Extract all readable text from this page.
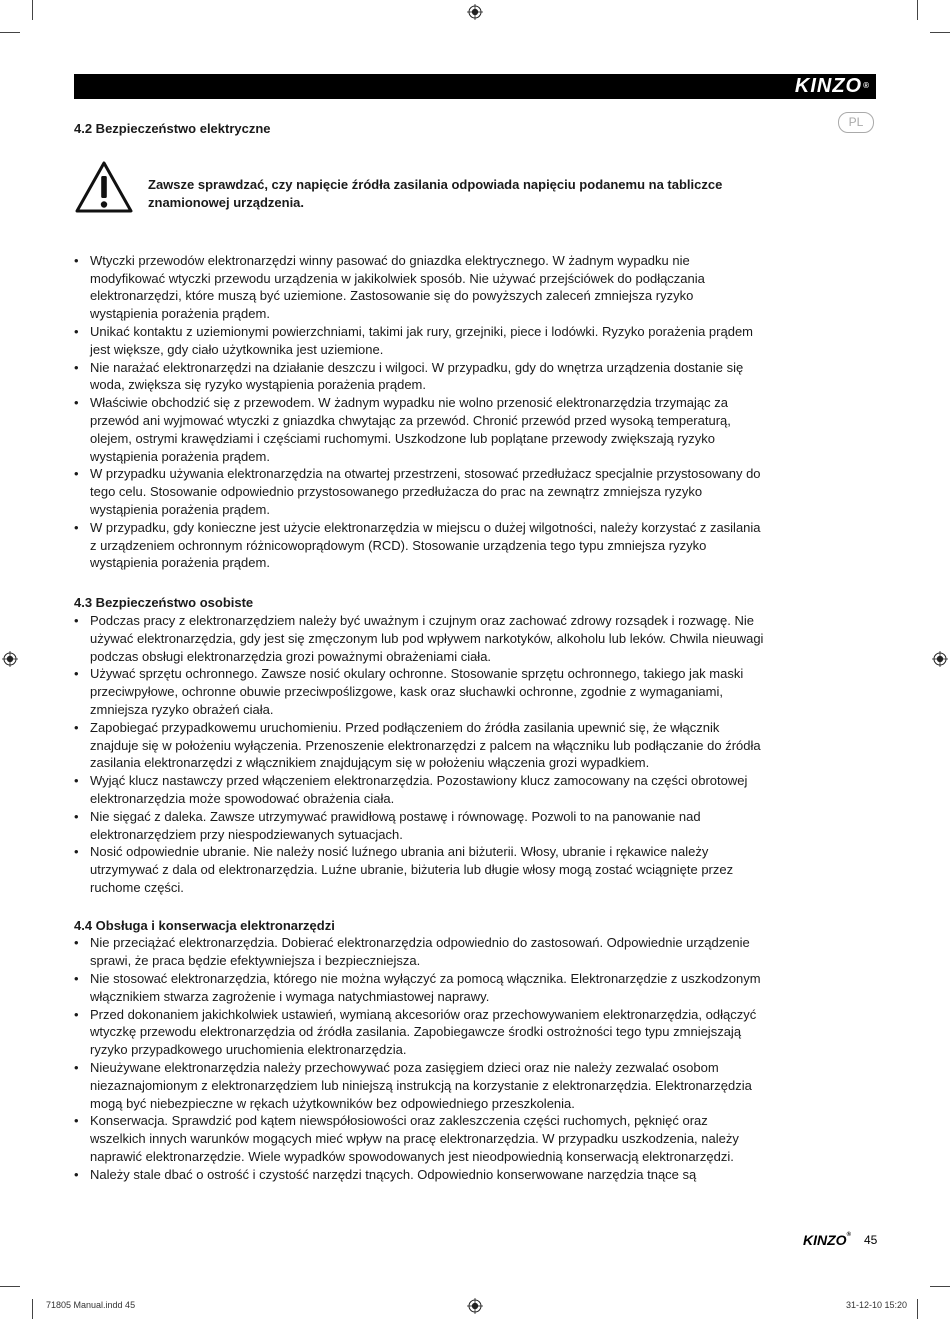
KINZO®
PL
4.2 Bezpieczeństwo elektryczne

Zawsze sprawdzać, czy napięcie źródła zasilania odpowiada napięciu podanemu na tabliczce znamionowej urządzenia.

• Wtyczki przewodów elektronarzędzi winny pasować do gniazdka elektrycznego. W żadnym wypadku nie modyfikować wtyczki przewodu urządzenia w jakikolwiek sposób. Nie używać przejściówek do podłączania elektronarzędzi, które muszą być uziemione. Zastosowanie się do powyższych zaleceń zmniejsza ryzyko wystąpienia porażenia prądem.
• Unikać kontaktu z uziemionymi powierzchniami, takimi jak rury, grzejniki, piece i lodówki. Ryzyko porażenia prądem jest większe, gdy ciało użytkownika jest uziemione.
• Nie narażać elektronarzędzi na działanie deszczu i wilgoci. W przypadku, gdy do wnętrza urządzenia dostanie się woda, zwiększa się ryzyko wystąpienia porażenia prądem.
• Właściwie obchodzić się z przewodem. W żadnym wypadku nie wolno przenosić elektronarzędzia trzymając za przewód ani wyjmować wtyczki z gniazdka chwytając za przewód. Chronić przewód przed wysoką temperaturą, olejem, ostrymi krawędziami i częściami ruchomymi. Uszkodzone lub poplątane przewody zwiększają ryzyko wystąpienia porażenia prądem.
• W przypadku używania elektronarzędzia na otwartej przestrzeni, stosować przedłużacz specjalnie przystosowany do tego celu. Stosowanie odpowiednio przystosowanego przedłużacza do prac na zewnątrz zmniejsza ryzyko wystąpienia porażenia prądem.
• W przypadku, gdy konieczne jest użycie elektronarzędzia w miejscu o dużej wilgotności, należy korzystać z zasilania z urządzeniem ochronnym różnicowoprądowym (RCD). Stosowanie urządzenia tego typu zmniejsza ryzyko wystąpienia porażenia prądem.
4.3 Bezpieczeństwo osobiste
• Podczas pracy z elektronarzędziem należy być uważnym i czujnym oraz zachować zdrowy rozsądek i rozwagę. Nie używać elektronarzędzia, gdy jest się zmęczonym lub pod wpływem narkotyków, alkoholu lub leków. Chwila nieuwagi podczas obsługi elektronarzędzia grozi poważnymi obrażeniami ciała.
• Używać sprzętu ochronnego. Zawsze nosić okulary ochronne. Stosowanie sprzętu ochronnego, takiego jak maski przeciwpyłowe, ochronne obuwie przeciwpoślizgowe, kask oraz słuchawki ochronne, zgodnie z wymaganiami, zmniejsza ryzyko obrażeń ciała.
• Zapobiegać przypadkowemu uruchomieniu. Przed podłączeniem do źródła zasilania upewnić się, że włącznik znajduje się w położeniu wyłączenia. Przenoszenie elektronarzędzi z palcem na włączniku lub podłączanie do źródła zasilania elektronarzędzi z włącznikiem znajdującym się w położeniu włączenia grozi wypadkiem.
• Wyjąć klucz nastawczy przed włączeniem elektronarzędzia. Pozostawiony klucz zamocowany na części obrotowej elektronarzędzia może spowodować obrażenia ciała.
• Nie sięgać z daleka. Zawsze utrzymywać prawidłową postawę i równowagę. Pozwoli to na panowanie nad elektronarzędziem przy niespodziewanych sytuacjach.
• Nosić odpowiednie ubranie. Nie należy nosić luźnego ubrania ani biżuterii. Włosy, ubranie i rękawice należy utrzymywać z dala od elektronarzędzia. Luźne ubranie, biżuteria lub długie włosy mogą zostać wciągnięte przez ruchome części.
4.4 Obsługa i konserwacja elektronarzędzi
• Nie przeciążać elektronarzędzia. Dobierać elektronarzędzia odpowiednio do zastosowań. Odpowiednie urządzenie sprawi, że praca będzie efektywniejsza i bezpieczniejsza.
• Nie stosować elektronarzędzia, którego nie można wyłączyć za pomocą włącznika. Elektronarzędzie z uszkodzonym włącznikiem stwarza zagrożenie i wymaga natychmiastowej naprawy.
• Przed dokonaniem jakichkolwiek ustawień, wymianą akcesoriów oraz przechowywaniem elektronarzędzia, odłączyć wtyczkę przewodu elektronarzędzia od źródła zasilania. Zapobiegawcze środki ostrożności tego typu zmniejszają ryzyko przypadkowego uruchomienia elektronarzędzia.
• Nieużywane elektronarzędzia należy przechowywać poza zasięgiem dzieci oraz nie należy zezwalać osobom niezaznajomionym z elektronarzędziem lub niniejszą instrukcją na korzystanie z elektronarzędzia. Elektronarzędzia mogą być niebezpieczne w rękach użytkowników bez odpowiedniego przeszkolenia.
• Konserwacja. Sprawdzić pod kątem niewspółosiowości oraz zakleszczenia części ruchomych, pęknięć oraz wszelkich innych warunków mogących mieć wpływ na pracę elektronarzędzia. W przypadku uszkodzenia, należy naprawić elektronarzędzie. Wiele wypadków spowodowanych jest nieodpowiednią konserwacją elektronarzędzi.
• Należy stale dbać o ostrość i czystość narzędzi tnących. Odpowiednio konserwowane narzędzia tnące są
KINZO® 45
71805 Manual.indd 45	31-12-10 15:20
